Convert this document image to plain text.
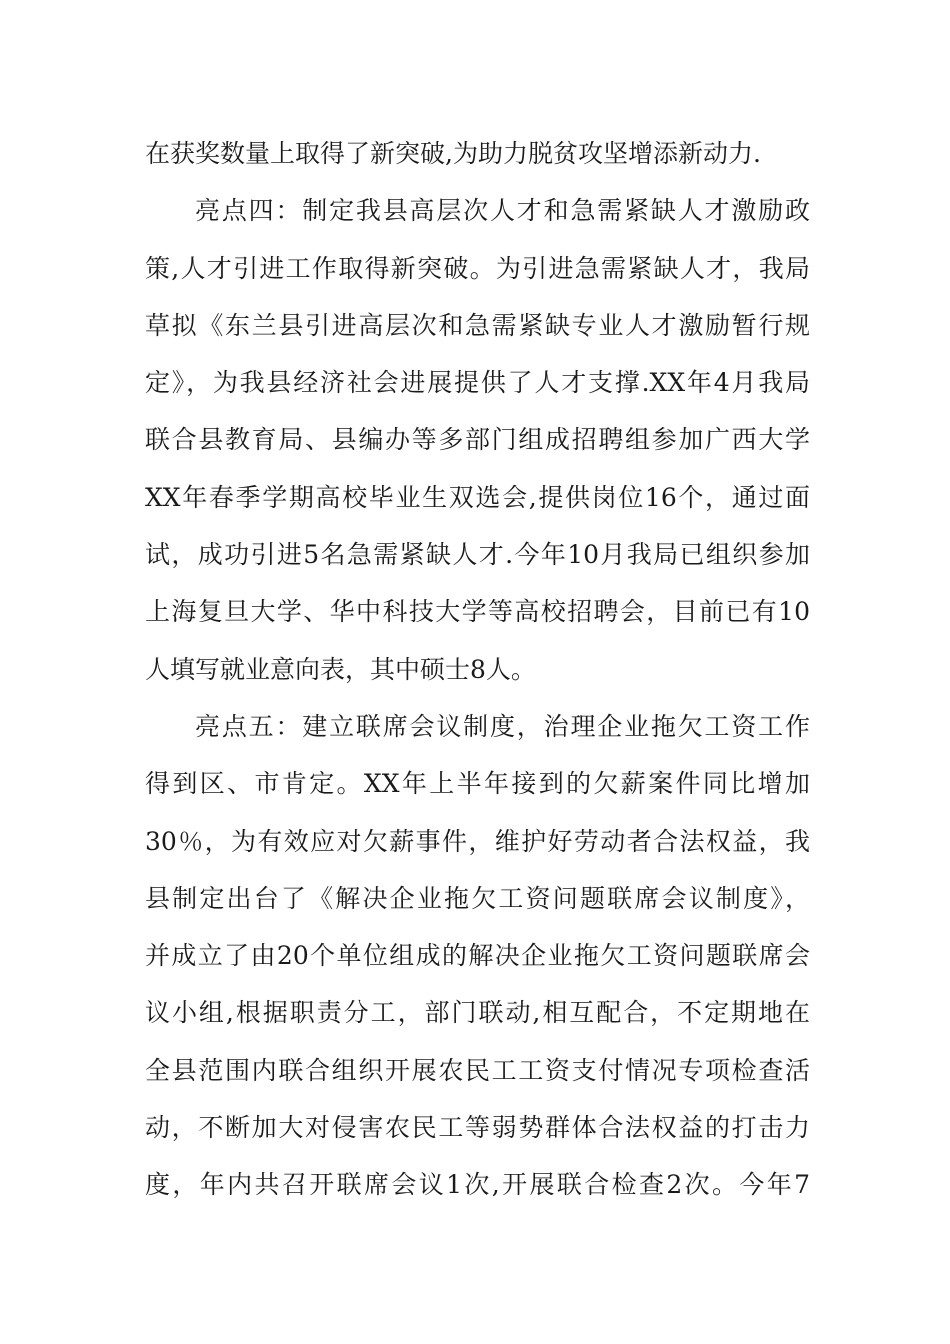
在获奖数量上取得了新突破,为助力脱贫攻坚增添新动力.
亮点四：制定我县高层次人才和急需紧缺人才激励政
策,人才引进工作取得新突破。为引进急需紧缺人才，我局
草拟《东兰县引进高层次和急需紧缺专业人才激励暂行规
定》，为我县经济社会进展提供了人才支撑.XX年4月我局
联合县教育局、县编办等多部门组成招聘组参加广西大学
XX年春季学期高校毕业生双选会,提供岗位16个，通过面
试，成功引进5名急需紧缺人才.今年10月我局已组织参加
上海复旦大学、华中科技大学等高校招聘会，目前已有10
人填写就业意向表，其中硕士8人。
亮点五：建立联席会议制度，治理企业拖欠工资工作
得到区、市肯定。XX年上半年接到的欠薪案件同比增加
30％，为有效应对欠薪事件，维护好劳动者合法权益，我
县制定出台了《解决企业拖欠工资问题联席会议制度》，
并成立了由20个单位组成的解决企业拖欠工资问题联席会
议小组,根据职责分工，部门联动,相互配合，不定期地在
全县范围内联合组织开展农民工工资支付情况专项检查活
动，不断加大对侵害农民工等弱势群体合法权益的打击力
度，年内共召开联席会议1次,开展联合检查2次。今年7
